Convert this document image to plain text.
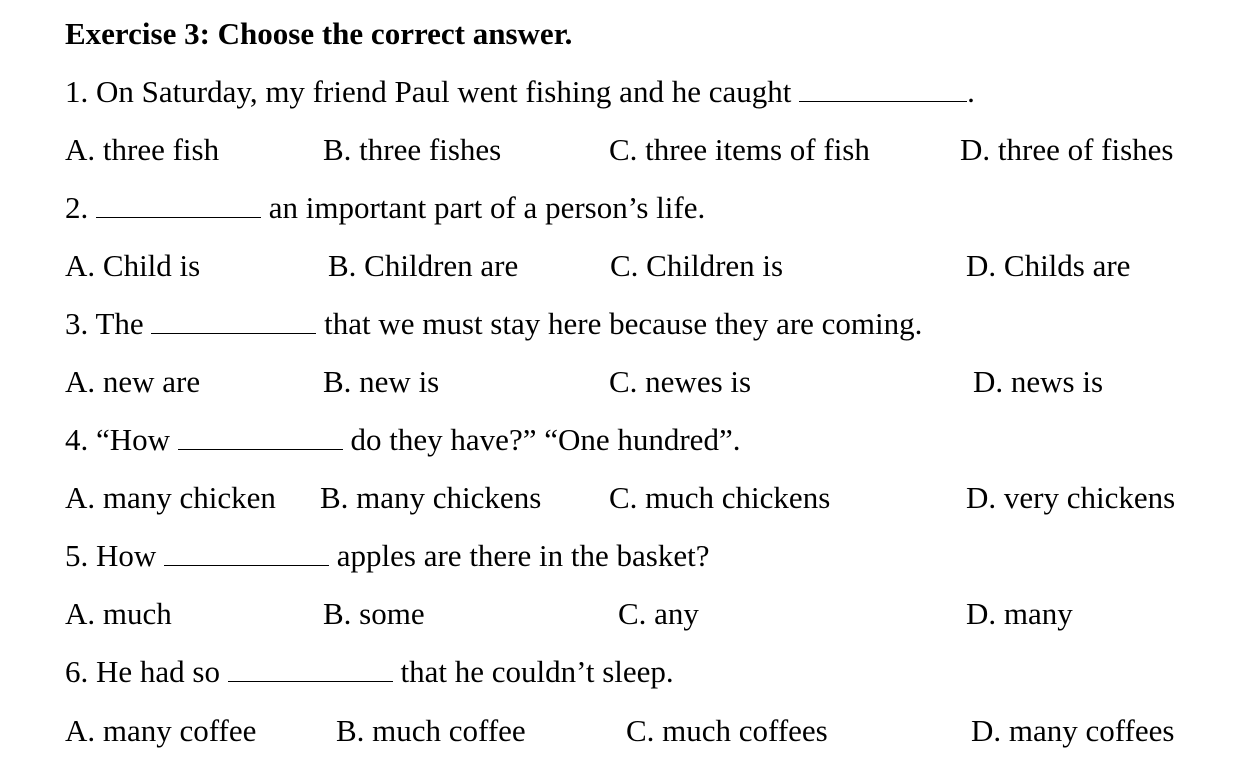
Exercise 3: Choose the correct answer.
1. On Saturday, my friend Paul went fishing and he caught	.
A. three fish	B. three fishes	C. three items of fish	D. three of fishes
2.	an important part of a person’s life.
A. Child is	B. Children are	C. Children is	D. Childs are
3. The	that we must stay here because they are coming.
A. new are	B. new is	C. newes is	D. news is
4. “How	do they have?” “One hundred”.
A. many chicken B. many chickens C. much chickens	D. very chickens
5. How	apples are there in the basket?
A. much	B. some	C. any	D. many
6. He had so	that he couldn’t sleep.
A. many coffee	B. much coffee	C. much coffees	D. many coffees
